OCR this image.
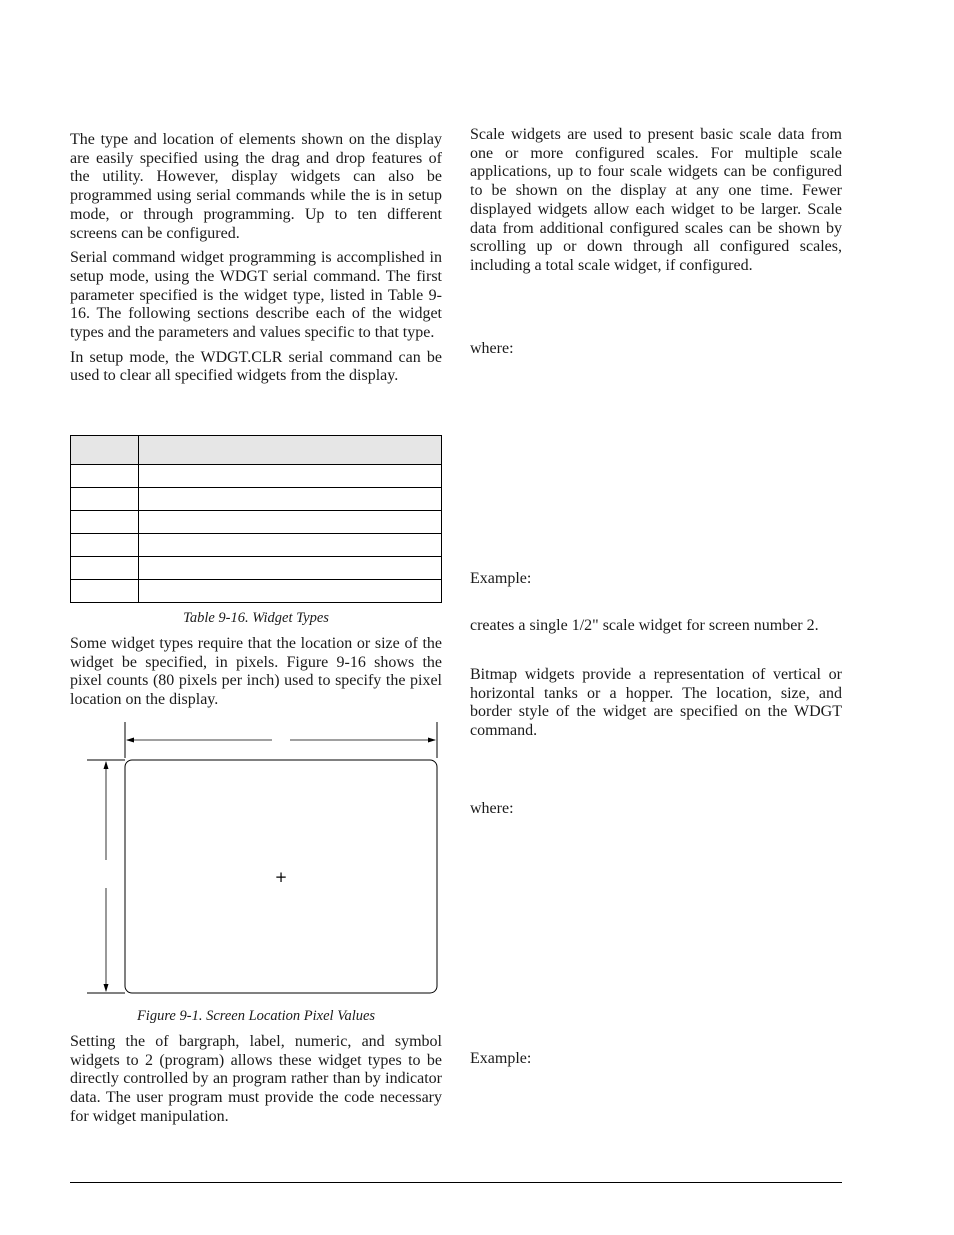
The type and location of elements shown on the display are easily specified using the drag and drop features of the utility. However, display widgets can also be programmed using serial commands while the is in setup mode, or through programming. Up to ten different screens can be configured.

Serial command widget programming is accomplished in setup mode, using the WDGT serial command. The first parameter specified is the widget type, listed in Table 9-16. The following sections describe each of the widget types and the parameters and values specific to that type.

In setup mode, the WDGT.CLR serial command can be used to clear all specified widgets from the display.

Table 9-16. Widget Types

Some widget types require that the location or size of the widget be specified, in pixels. Figure 9-16 shows the pixel counts (80 pixels per inch) used to specify the pixel location on the display.

+
Figure 9-1. Screen Location Pixel Values

Setting the of bargraph, label, numeric, and symbol widgets to 2 (program) allows these widget types to be directly controlled by an program rather than by indicator data. The user program must provide the code necessary for widget manipulation.

Scale widgets are used to present basic scale data from one or more configured scales. For multiple scale applications, up to four scale widgets can be configured to be shown on the display at any one time. Fewer displayed widgets allow each widget to be larger. Scale data from additional configured scales can be shown by scrolling up or down through all configured scales, including a total scale widget, if configured.

where:
Example:
creates a single 1/2" scale widget for screen number 2.

Bitmap widgets provide a representation of vertical or horizontal tanks or a hopper. The location, size, and border style of the widget are specified on the WDGT command.

where:
Example:
